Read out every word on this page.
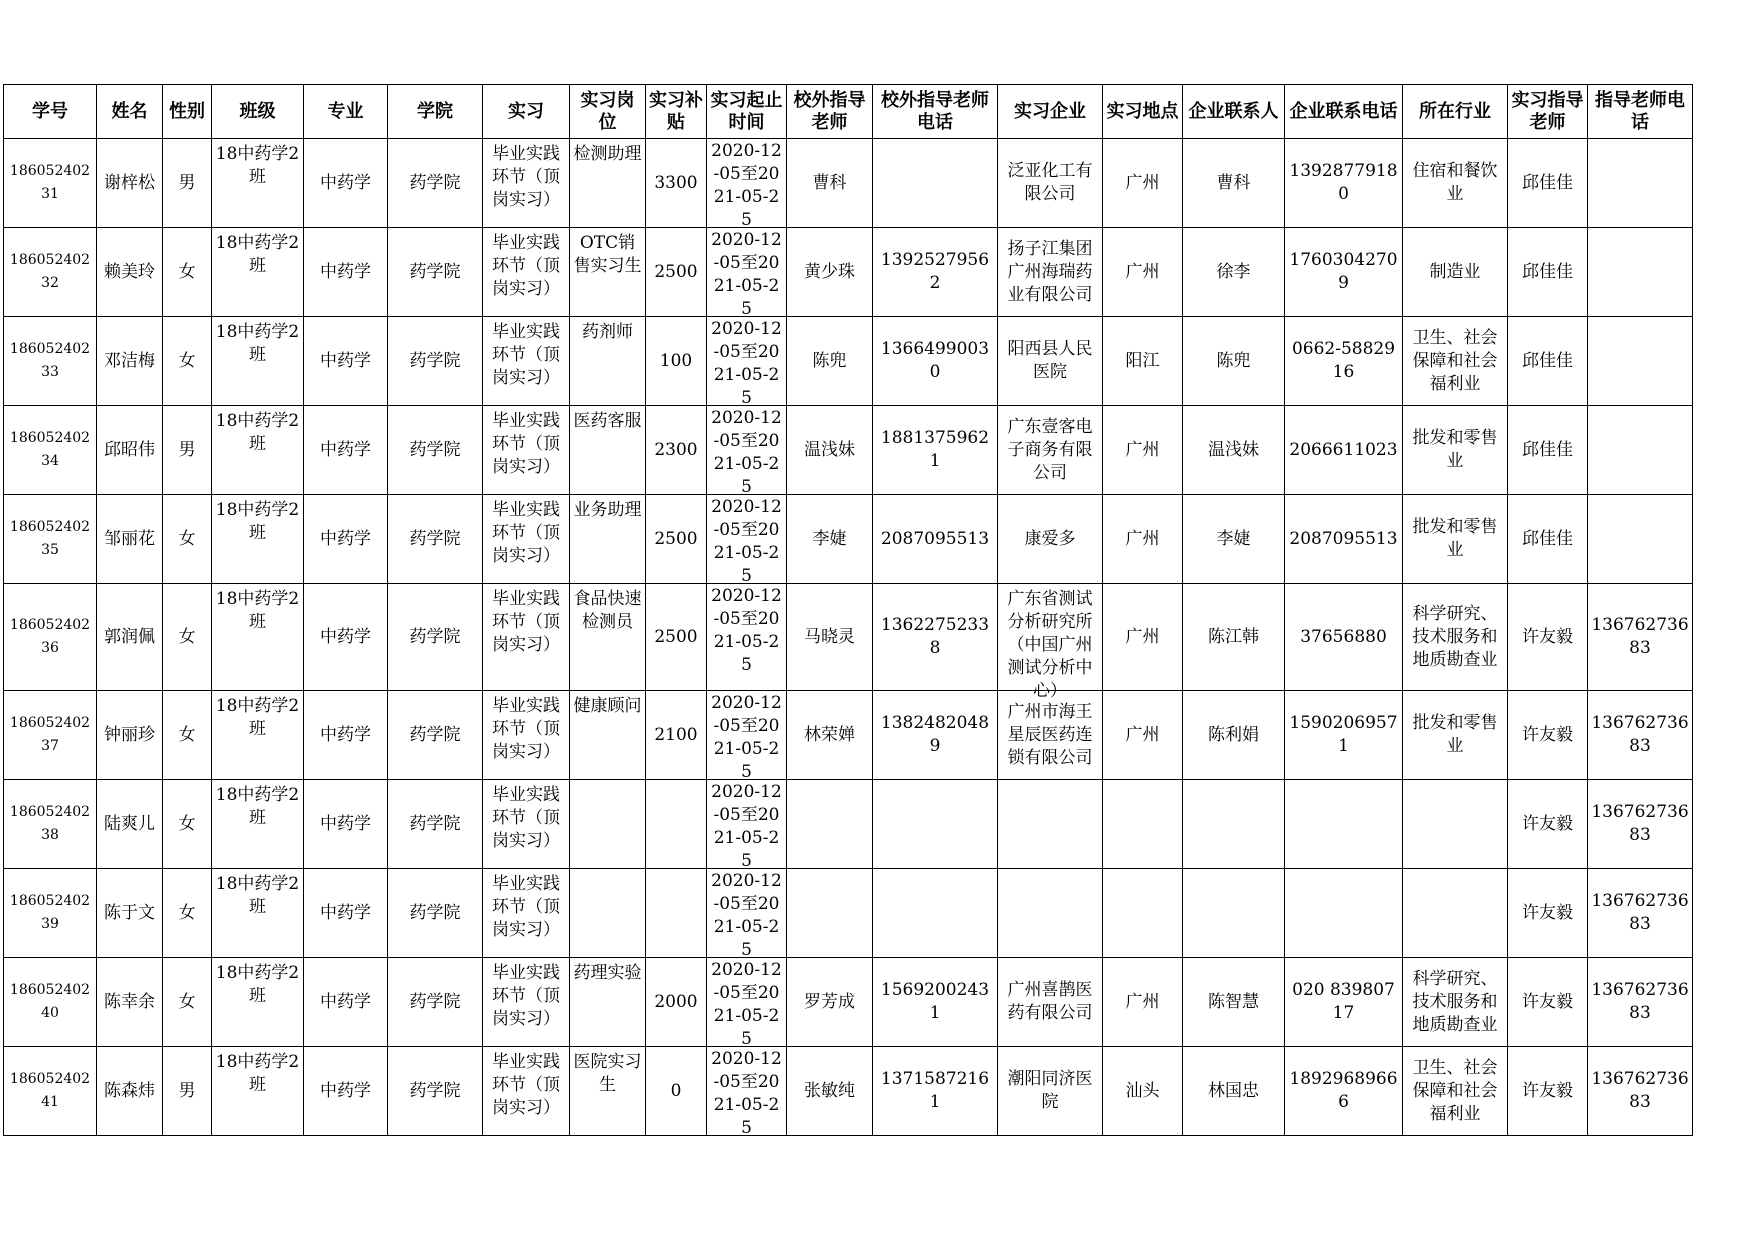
学号	姓名	性别	班级	专业	学院	实习	实习岗位	实习补贴	实习起止时间	校外指导老师	校外指导老师电话	实习企业	实习地点	企业联系人	企业联系电话	所在行业	实习指导老师	指导老师电话

18605240231	谢梓松	男	18中药学2班	中药学	药学院	毕业实践环节（顶岗实习）	检测助理	3300	2020-12-05至2021-05-25	曹科		泛亚化工有限公司	广州	曹科	13928779180	住宿和餐饮业	邱佳佳	

18605240232	赖美玲	女	18中药学2班	中药学	药学院	毕业实践环节（顶岗实习）	OTC销售实习生	2500	2020-12-05至2021-05-25	黄少珠	13925279562	扬子江集团广州海瑞药业有限公司	广州	徐李	17603042709	制造业	邱佳佳	

18605240233	邓洁梅	女	18中药学2班	中药学	药学院	毕业实践环节（顶岗实习）	药剂师	100	2020-12-05至2021-05-25	陈兜	13664990030	阳西县人民医院	阳江	陈兜	0662-5882916	卫生、社会保障和社会福利业	邱佳佳	

18605240234	邱昭伟	男	18中药学2班	中药学	药学院	毕业实践环节（顶岗实习）	医药客服	2300	2020-12-05至2021-05-25	温浅妹	18813759621	广东壹客电子商务有限公司	广州	温浅妹	2066611023	批发和零售业	邱佳佳	

18605240235	邹丽花	女	18中药学2班	中药学	药学院	毕业实践环节（顶岗实习）	业务助理	2500	2020-12-05至2021-05-25	李婕	2087095513	康爱多	广州	李婕	2087095513	批发和零售业	邱佳佳	

18605240236	郭润佩	女	18中药学2班	中药学	药学院	毕业实践环节（顶岗实习）	食品快速检测员	2500	2020-12-05至2021-05-25	马晓灵	13622752338	广东省测试分析研究所（中国广州测试分析中心）	广州	陈江韩	37656880	科学研究、技术服务和地质勘查业	许友毅	13676273683

18605240237	钟丽珍	女	18中药学2班	中药学	药学院	毕业实践环节（顶岗实习）	健康顾问	2100	2020-12-05至2021-05-25	林荣婵	13824820489	广州市海王星辰医药连锁有限公司	广州	陈利娟	15902069571	批发和零售业	许友毅	13676273683

18605240238	陆爽儿	女	18中药学2班	中药学	药学院	毕业实践环节（顶岗实习）			2020-12-05至2021-05-25								许友毅	13676273683

18605240239	陈于文	女	18中药学2班	中药学	药学院	毕业实践环节（顶岗实习）			2020-12-05至2021-05-25								许友毅	13676273683

18605240240	陈幸余	女	18中药学2班	中药学	药学院	毕业实践环节（顶岗实习）	药理实验	2000	2020-12-05至2021-05-25	罗芳成	15692002431	广州喜鹊医药有限公司	广州	陈智慧	020 83980717	科学研究、技术服务和地质勘查业	许友毅	13676273683

18605240241	陈森炜	男	18中药学2班	中药学	药学院	毕业实践环节（顶岗实习）	医院实习生	0	2020-12-05至2021-05-25	张敏纯	13715872161	潮阳同济医院	汕头	林国忠	18929689666	卫生、社会保障和社会福利业	许友毅	13676273683
